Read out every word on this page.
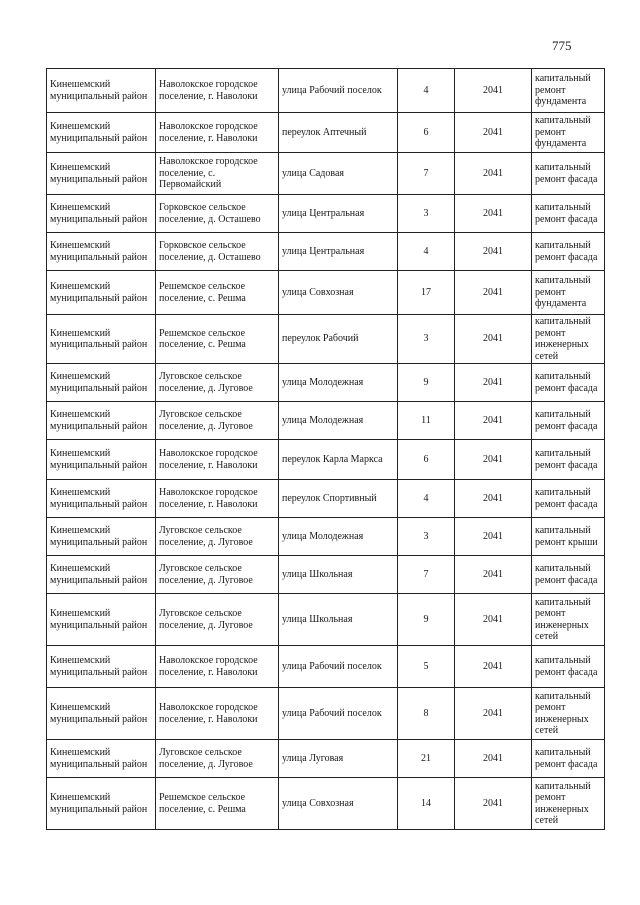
775
Кинешемский муниципальный район	Наволокское городское поселение, г. Наволоки	улица Рабочий поселок	4	2041	капитальный ремонт фундамента
Кинешемский муниципальный район	Наволокское городское поселение, г. Наволоки	переулок Аптечный	6	2041	капитальный ремонт фундамента
Кинешемский муниципальный район	Наволокское городское поселение, с. Первомайский	улица Садовая	7	2041	капитальный ремонт фасада
Кинешемский муниципальный район	Горковское сельское поселение, д. Осташево	улица Центральная	3	2041	капитальный ремонт фасада
Кинешемский муниципальный район	Горковское сельское поселение, д. Осташево	улица Центральная	4	2041	капитальный ремонт фасада
Кинешемский муниципальный район	Решемское сельское поселение, с. Решма	улица Совхозная	17	2041	капитальный ремонт фундамента
Кинешемский муниципальный район	Решемское сельское поселение, с. Решма	переулок Рабочий	3	2041	капитальный ремонт инженерных сетей
Кинешемский муниципальный район	Луговское сельское поселение, д. Луговое	улица Молодежная	9	2041	капитальный ремонт фасада
Кинешемский муниципальный район	Луговское сельское поселение, д. Луговое	улица Молодежная	11	2041	капитальный ремонт фасада
Кинешемский муниципальный район	Наволокское городское поселение, г. Наволоки	переулок Карла Маркса	6	2041	капитальный ремонт фасада
Кинешемский муниципальный район	Наволокское городское поселение, г. Наволоки	переулок Спортивный	4	2041	капитальный ремонт фасада
Кинешемский муниципальный район	Луговское сельское поселение, д. Луговое	улица Молодежная	3	2041	капитальный ремонт крыши
Кинешемский муниципальный район	Луговское сельское поселение, д. Луговое	улица Школьная	7	2041	капитальный ремонт фасада
Кинешемский муниципальный район	Луговское сельское поселение, д. Луговое	улица Школьная	9	2041	капитальный ремонт инженерных сетей
Кинешемский муниципальный район	Наволокское городское поселение, г. Наволоки	улица Рабочий поселок	5	2041	капитальный ремонт фасада
Кинешемский муниципальный район	Наволокское городское поселение, г. Наволоки	улица Рабочий поселок	8	2041	капитальный ремонт инженерных сетей
Кинешемский муниципальный район	Луговское сельское поселение, д. Луговое	улица Луговая	21	2041	капитальный ремонт фасада
Кинешемский муниципальный район	Решемское сельское поселение, с. Решма	улица Совхозная	14	2041	капитальный ремонт инженерных сетей
